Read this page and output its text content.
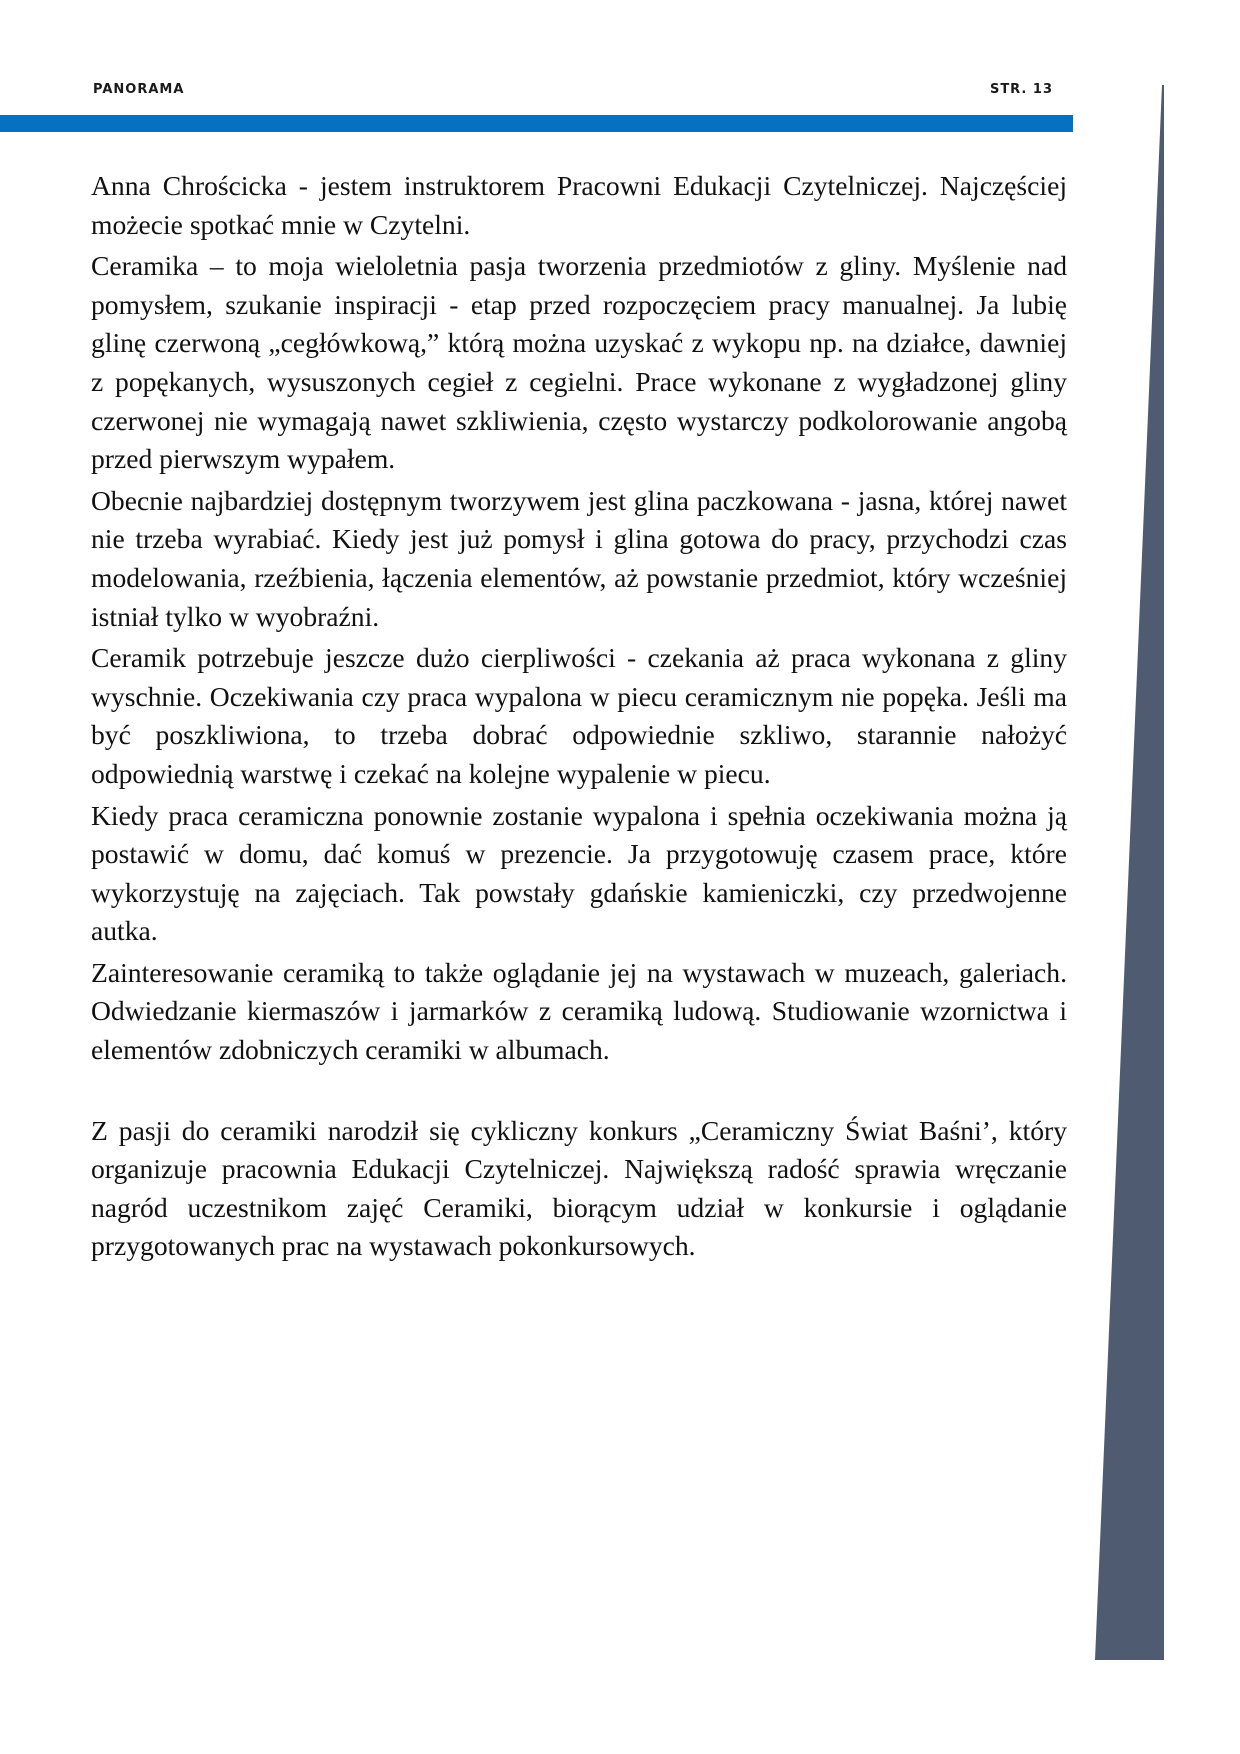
PANORAMA	STR. 13

Anna Chrościcka - jestem instruktorem Pracowni Edukacji Czytelniczej. Najczęściej możecie spotkać mnie w Czytelni.

Ceramika – to moja wieloletnia pasja tworzenia przedmiotów z gliny. Myślenie nad pomysłem, szukanie inspiracji - etap przed rozpoczęciem pracy manualnej. Ja lubię glinę czerwoną „cegłówkową,” którą można uzyskać z wykopu np. na działce, dawniej z popękanych, wysuszonych cegieł z cegielni. Prace wykonane z wygładzonej gliny czerwonej nie wymagają nawet szkliwienia, często wystarczy podkolorowanie angobą przed pierwszym wypałem.

Obecnie najbardziej dostępnym tworzywem jest glina paczkowana - jasna, której nawet nie trzeba wyrabiać. Kiedy jest już pomysł i glina gotowa do pracy, przychodzi czas modelowania, rzeźbienia, łączenia elementów, aż powstanie przedmiot, który wcześniej istniał tylko w wyobraźni.

Ceramik potrzebuje jeszcze dużo cierpliwości - czekania aż praca wykonana z gliny wyschnie. Oczekiwania czy praca wypalona w piecu ceramicznym nie popęka. Jeśli ma być poszkliwiona, to trzeba dobrać odpowiednie szkliwo, starannie nałożyć odpowiednią warstwę i czekać na kolejne wypalenie w piecu.

Kiedy praca ceramiczna ponownie zostanie wypalona i spełnia oczekiwania można ją postawić w domu, dać komuś w prezencie. Ja przygotowuję czasem prace, które wykorzystuję na zajęciach. Tak powstały gdańskie kamieniczki, czy przedwojenne autka.

Zainteresowanie ceramiką to także oglądanie jej na wystawach w muzeach, galeriach. Odwiedzanie kiermaszów i jarmarków z ceramiką ludową. Studiowanie wzornictwa i elementów zdobniczych ceramiki w albumach.

Z pasji do ceramiki narodził się cykliczny konkurs „Ceramiczny Świat Baśni’, który organizuje pracownia Edukacji Czytelniczej. Największą radość sprawia wręczanie nagród uczestnikom zajęć Ceramiki, biorącym udział w konkursie i oglądanie przygotowanych prac na wystawach pokonkursowych.
